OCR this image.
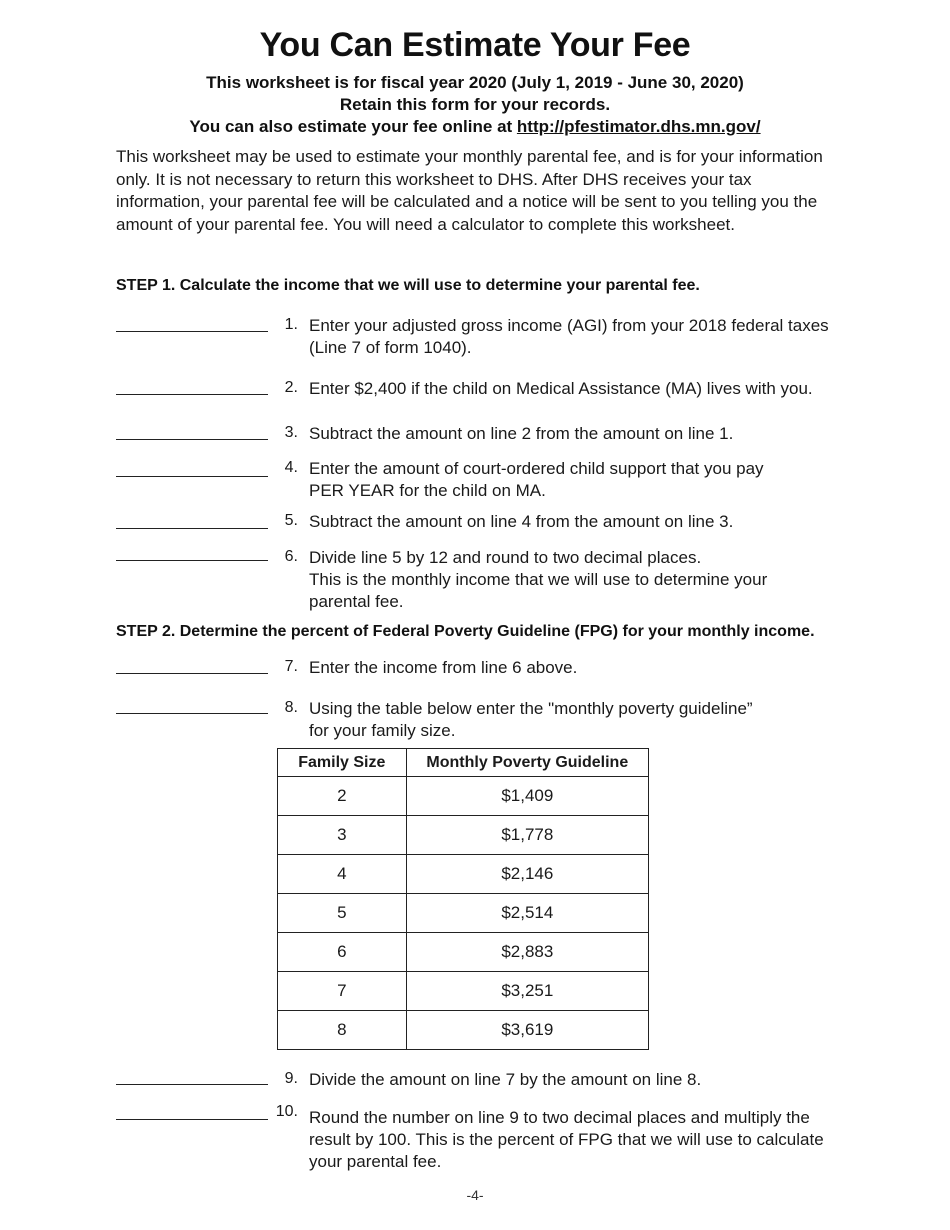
You Can Estimate Your Fee
This worksheet is for fiscal year 2020 (July 1, 2019 - June 30, 2020)
Retain this form for your records.
You can also estimate your fee online at http://pfestimator.dhs.mn.gov/
This worksheet may be used to estimate your monthly parental fee, and is for your information only. It is not necessary to return this worksheet to DHS. After DHS receives your tax information, your parental fee will be calculated and a notice will be sent to you telling you the amount of your parental fee. You will need a calculator to complete this worksheet.
STEP 1. Calculate the income that we will use to determine your parental fee.
1. Enter your adjusted gross income (AGI) from your 2018 federal taxes
(Line 7 of form 1040).
2. Enter $2,400 if the child on Medical Assistance (MA) lives with you.
3. Subtract the amount on line 2 from the amount on line 1.
4. Enter the amount of court-ordered child support that you pay
PER YEAR for the child on MA.
5. Subtract the amount on line 4 from the amount on line 3.
6. Divide line 5 by 12 and round to two decimal places.
This is the monthly income that we will use to determine your
parental fee.
STEP 2. Determine the percent of Federal Poverty Guideline (FPG) for your monthly income.
7. Enter the income from line 6 above.
8. Using the table below enter the "monthly poverty guideline”
for your family size.
Family Size	Monthly Poverty Guideline
2	$1,409
3	$1,778
4	$2,146
5	$2,514
6	$2,883
7	$3,251
8	$3,619
9. Divide the amount on line 7 by the amount on line 8.
10. Round the number on line 9 to two decimal places and multiply the
result by 100. This is the percent of FPG that we will use to calculate
your parental fee.
-4-
